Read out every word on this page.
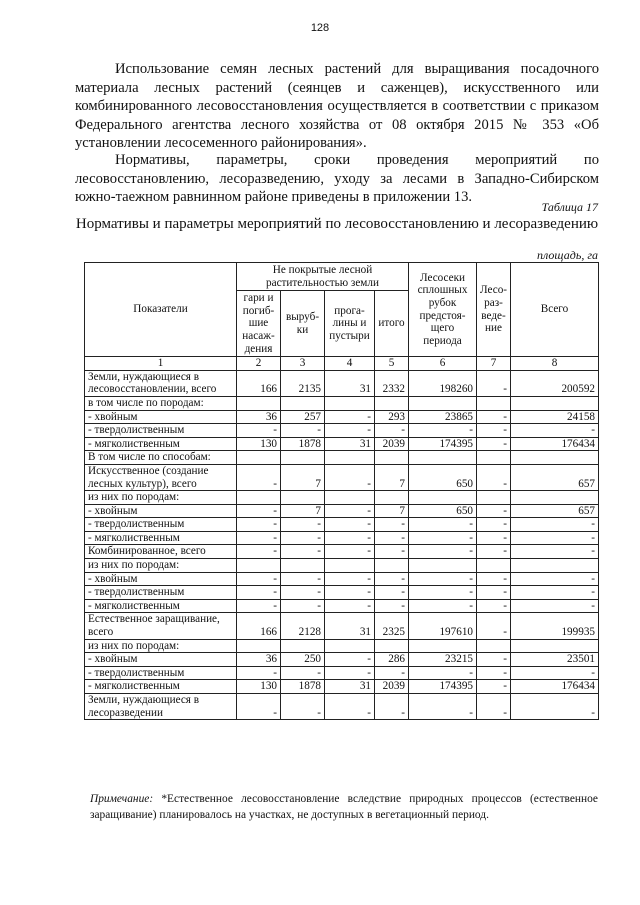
128

Использование семян лесных растений для выращивания посадочного материала лесных растений (сеянцев и саженцев), искусственного или комбинированного лесовосстановления осуществляется в соответствии с приказом Федерального агентства лесного хозяйства от 08 октября 2015 № 353 «Об установлении лесосеменного районирования».

Нормативы, параметры, сроки проведения мероприятий по лесовосстановлению, лесоразведению, уходу за лесами в Западно-Сибирском южно-таежном равнинном районе приведены в приложении 13.

Таблица 17
Нормативы и параметры мероприятий по лесовосстановлению и лесоразведению
площадь, га
Показатели	Не покрытые лесной растительностью земли				Лесосеки сплошных рубок предстоя-щего периода	Лесо-раз-веде-ние	Всего
	гари и погиб-шие насаж-дения	выруб-ки	прога-лины и пустыри	итого			
1	2	3	4	5	6	7	8
Земли, нуждающиеся в лесовосстановлении, всего	166	2135	31	2332	198260	-	200592
в том числе по породам:							
- хвойным	36	257	-	293	23865	-	24158
- твердолиственным	-	-	-	-	-	-	-
- мягколиственным	130	1878	31	2039	174395	-	176434
В том числе по способам:							
Искусственное (создание лесных культур), всего	-	7	-	7	650	-	657
из них по породам:							
- хвойным	-	7	-	7	650	-	657
- твердолиственным	-	-	-	-	-	-	-
- мягколиственным	-	-	-	-	-	-	-
Комбинированное, всего	-	-	-	-	-	-	-
из них по породам:							
- хвойным	-	-	-	-	-	-	-
- твердолиственным	-	-	-	-	-	-	-
- мягколиственным	-	-	-	-	-	-	-
Естественное заращивание, всего	166	2128	31	2325	197610	-	199935
из них по породам:							
- хвойным	36	250	-	286	23215	-	23501
- твердолиственным	-	-	-	-	-	-	-
- мягколиственным	130	1878	31	2039	174395	-	176434
Земли, нуждающиеся в лесоразведении	-	-	-	-	-	-	-
Примечание: *Естественное лесовосстановление вследствие природных процессов (естественное заращивание) планировалось на участках, не доступных в вегетационный период.
